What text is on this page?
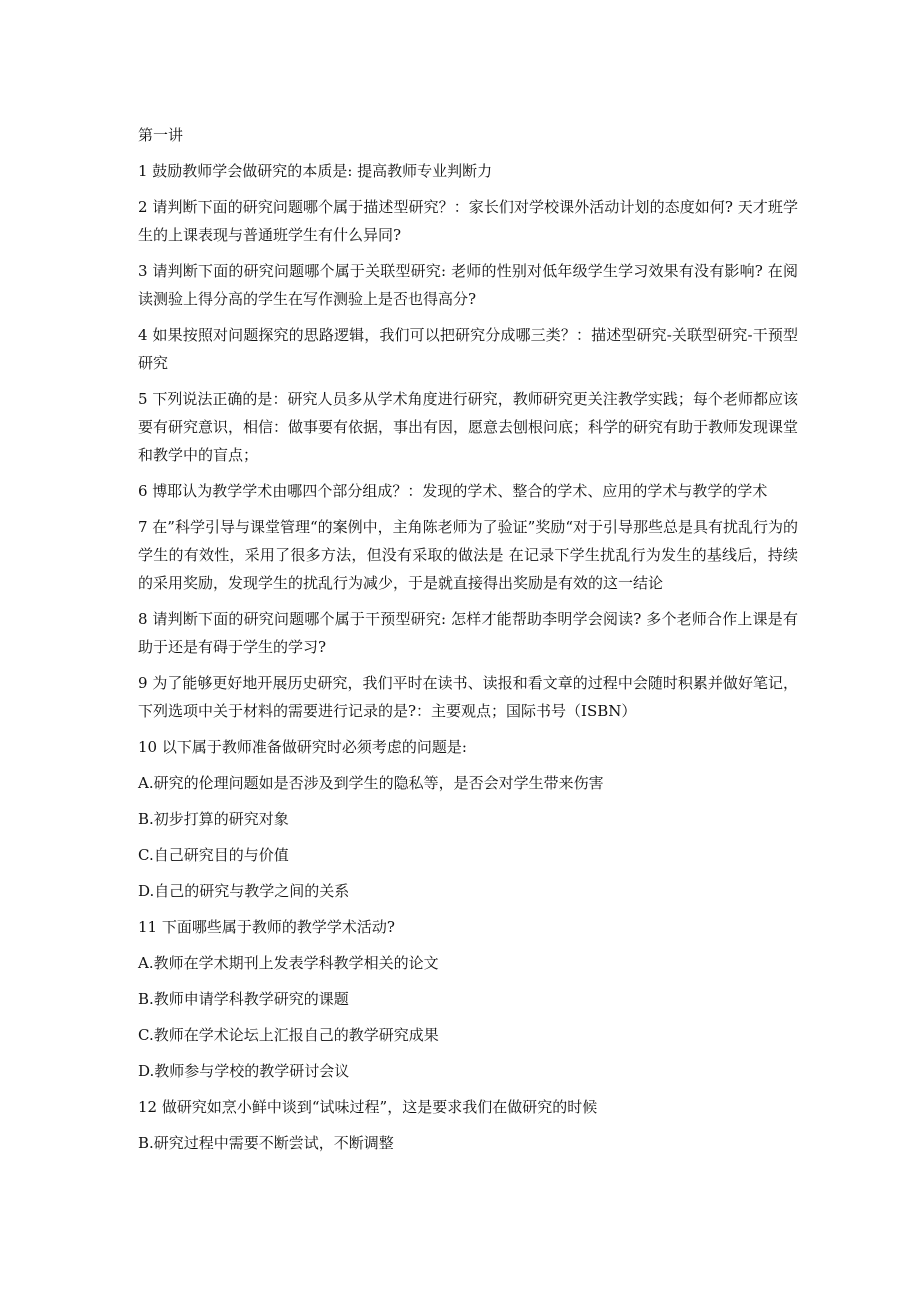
第一讲

1 鼓励教师学会做研究的本质是: 提高教师专业判断力

2 请判断下面的研究问题哪个属于描述型研究？：家长们对学校课外活动计划的态度如何? 天才班学生的上课表现与普通班学生有什么异同?

3 请判断下面的研究问题哪个属于关联型研究: 老师的性别对低年级学生学习效果有没有影响? 在阅读测验上得分高的学生在写作测验上是否也得高分?

4 如果按照对问题探究的思路逻辑，我们可以把研究分成哪三类？：描述型研究-关联型研究-干预型研究

5 下列说法正确的是：研究人员多从学术角度进行研究，教师研究更关注教学实践；每个老师都应该要有研究意识，相信：做事要有依据，事出有因，愿意去刨根问底；科学的研究有助于教师发现课堂和教学中的盲点；

6 博耶认为教学学术由哪四个部分组成？：发现的学术、整合的学术、应用的学术与教学的学术

7 在”科学引导与课堂管理“的案例中，主角陈老师为了验证”奖励“对于引导那些总是具有扰乱行为的学生的有效性，采用了很多方法，但没有采取的做法是 在记录下学生扰乱行为发生的基线后，持续的采用奖励，发现学生的扰乱行为减少，于是就直接得出奖励是有效的这一结论

8 请判断下面的研究问题哪个属于干预型研究: 怎样才能帮助李明学会阅读? 多个老师合作上课是有助于还是有碍于学生的学习?

9 为了能够更好地开展历史研究，我们平时在读书、读报和看文章的过程中会随时积累并做好笔记，下列选项中关于材料的需要进行记录的是?：主要观点；国际书号（ISBN）

10 以下属于教师准备做研究时必须考虑的问题是:

A.研究的伦理问题如是否涉及到学生的隐私等，是否会对学生带来伤害

B.初步打算的研究对象

C.自己研究目的与价值

D.自己的研究与教学之间的关系

11 下面哪些属于教师的教学学术活动?

A.教师在学术期刊上发表学科教学相关的论文

B.教师申请学科教学研究的课题

C.教师在学术论坛上汇报自己的教学研究成果

D.教师参与学校的教学研讨会议

12 做研究如烹小鲜中谈到“试味过程”，这是要求我们在做研究的时候

B.研究过程中需要不断尝试，不断调整
